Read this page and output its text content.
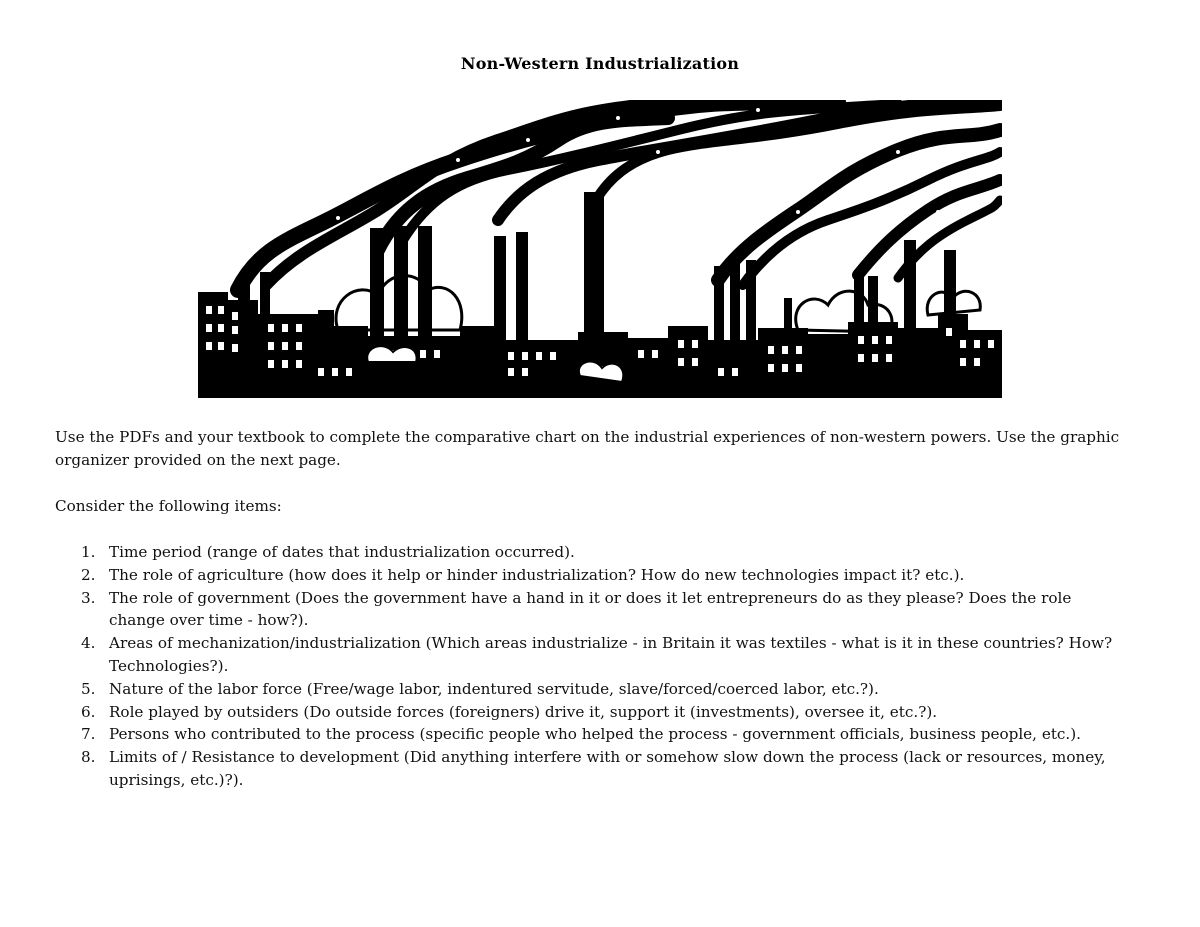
Non-Western Industrialization

Use the PDFs and your textbook to complete the comparative chart on the industrial experiences of non-western powers. Use the graphic organizer provided on the next page.

Consider the following items:

1. Time period (range of dates that industrialization occurred).
2. The role of agriculture (how does it help or hinder industrialization? How do new technologies impact it? etc.).
3. The role of government (Does the government have a hand in it or does it let entrepreneurs do as they please? Does the role change over time - how?).
4. Areas of mechanization/industrialization (Which areas industrialize - in Britain it was textiles - what is it in these countries? How? Technologies?).
5. Nature of the labor force (Free/wage labor, indentured servitude, slave/forced/coerced labor, etc.?).
6. Role played by outsiders (Do outside forces (foreigners) drive it, support it (investments), oversee it, etc.?).
7. Persons who contributed to the process (specific people who helped the process - government officials, business people, etc.).
8. Limits of / Resistance to development (Did anything interfere with or somehow slow down the process (lack or resources, money, uprisings, etc.)?).
